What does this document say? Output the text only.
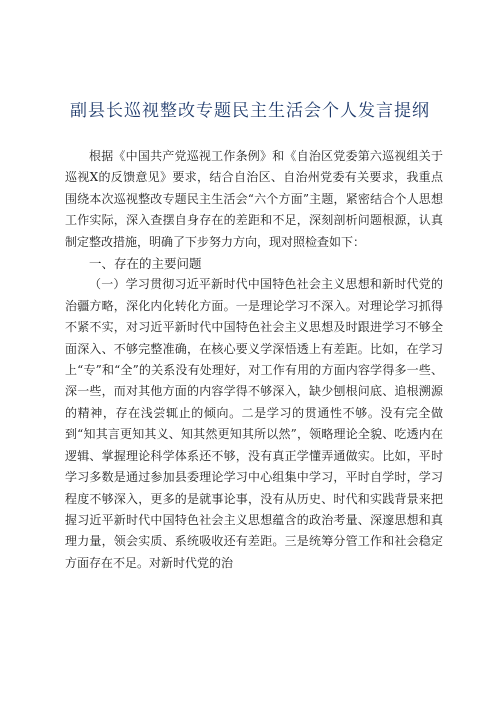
副县长巡视整改专题民主生活会个人发言提纲

根据《中国共产党巡视工作条例》和《自治区党委第六巡视组关于巡视X的反馈意见》要求，结合自治区、自治州党委有关要求，我重点围绕本次巡视整改专题民主生活会“六个方面”主题，紧密结合个人思想工作实际，深入查摆自身存在的差距和不足，深刻剖析问题根源，认真制定整改措施，明确了下步努力方向，现对照检查如下：

一、存在的主要问题

（一）学习贯彻习近平新时代中国特色社会主义思想和新时代党的治疆方略，深化内化转化方面。一是理论学习不深入。对理论学习抓得不紧不实，对习近平新时代中国特色社会主义思想及时跟进学习不够全面深入、不够完整准确，在核心要义学深悟透上有差距。比如，在学习上“专”和“全”的关系没有处理好，对工作有用的方面内容学得多一些、深一些，而对其他方面的内容学得不够深入，缺少刨根问底、追根溯源的精神，存在浅尝辄止的倾向。二是学习的贯通性不够。没有完全做到“知其言更知其义、知其然更知其所以然”，领略理论全貌、吃透内在逻辑、掌握理论科学体系还不够，没有真正学懂弄通做实。比如，平时学习多数是通过参加县委理论学习中心组集中学习，平时自学时，学习程度不够深入，更多的是就事论事，没有从历史、时代和实践背景来把握习近平新时代中国特色社会主义思想蕴含的政治考量、深邃思想和真理力量，领会实质、系统吸收还有差距。三是统筹分管工作和社会稳定方面存在不足。对新时代党的治
